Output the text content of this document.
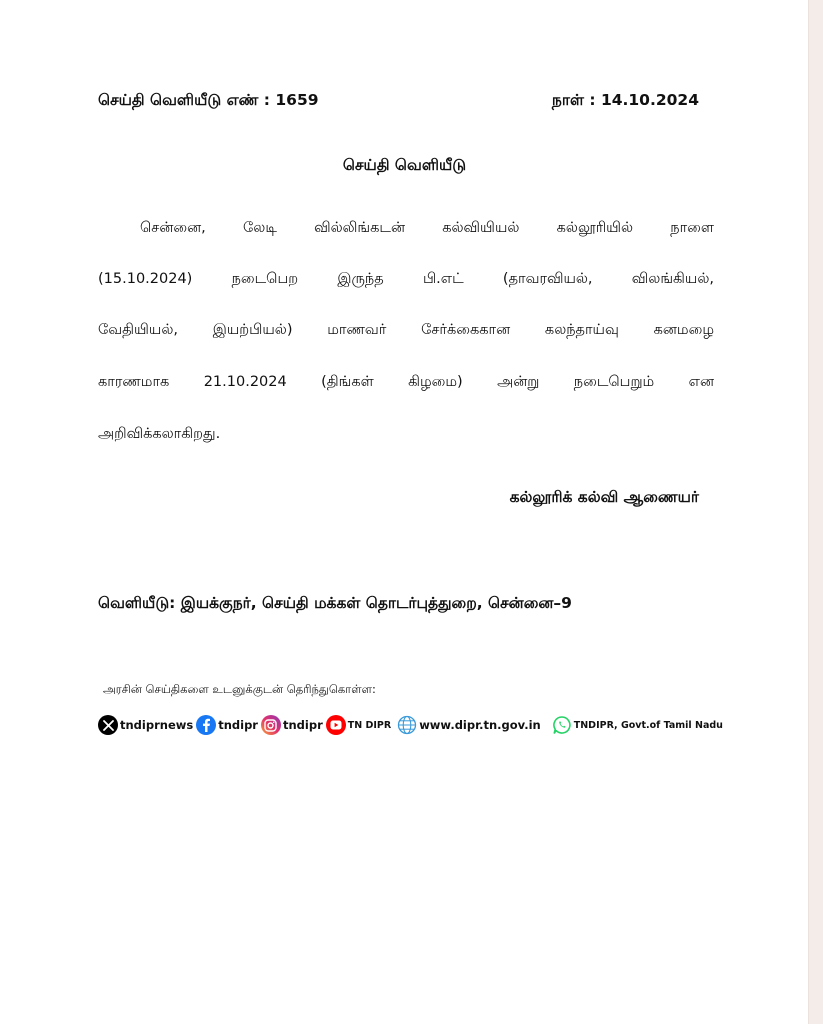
செய்தி வெளியீடு எண் : 1659	நாள் : 14.10.2024
செய்தி வெளியீடு
சென்னை, லேடி வில்லிங்கடன் கல்வியியல் கல்லூரியில் நாளை
(15.10.2024) நடைபெற இருந்த பி.எட் (தாவரவியல், விலங்கியல்,
வேதியியல், இயற்பியல்) மாணவர் சேர்க்கைகான கலந்தாய்வு கனமழை
காரணமாக 21.10.2024 (திங்கள் கிழமை) அன்று நடைபெறும் என
அறிவிக்கலாகிறது.
கல்லூரிக் கல்வி ஆணையர்
வெளியீடு: இயக்குநர், செய்தி மக்கள் தொடர்புத்துறை, சென்னை–9
அரசின் செய்திகளை உடனுக்குடன் தெரிந்துகொள்ள:
tndiprnews tndipr tndipr	TN DIPR www.dipr.tn.gov.in	TNDIPR, Govt.of Tamil Nadu
